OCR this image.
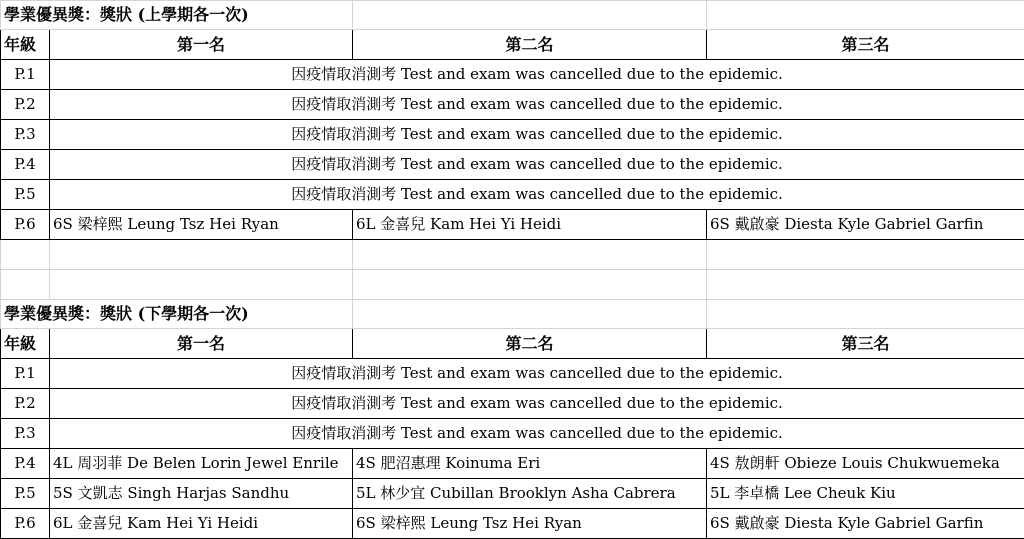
學業優異獎：獎狀 (上學期各一次)			
年級	第一名	第二名	第三名
P.1	因疫情取消測考 Test and exam was cancelled due to the epidemic.		
P.2	因疫情取消測考 Test and exam was cancelled due to the epidemic.		
P.3	因疫情取消測考 Test and exam was cancelled due to the epidemic.		
P.4	因疫情取消測考 Test and exam was cancelled due to the epidemic.		
P.5	因疫情取消測考 Test and exam was cancelled due to the epidemic.		
P.6	6S 梁梓熙 Leung Tsz Hei Ryan	6L 金喜兒 Kam Hei Yi Heidi	6S 戴啟豪 Diesta Kyle Gabriel Garfin

學業優異獎：獎狀 (下學期各一次)			
年級	第一名	第二名	第三名
P.1	因疫情取消測考 Test and exam was cancelled due to the epidemic.		
P.2	因疫情取消測考 Test and exam was cancelled due to the epidemic.		
P.3	因疫情取消測考 Test and exam was cancelled due to the epidemic.		
P.4	4L 周羽菲 De Belen Lorin Jewel Enrile	4S 肥沼惠理 Koinuma Eri	4S 敖朗軒 Obieze Louis Chukwuemeka
P.5	5S 文凱志 Singh Harjas Sandhu	5L 林少宜 Cubillan Brooklyn Asha Cabrera	5L 李卓橋 Lee Cheuk Kiu
P.6	6L 金喜兒 Kam Hei Yi Heidi	6S 梁梓熙 Leung Tsz Hei Ryan	6S 戴啟豪 Diesta Kyle Gabriel Garfin
